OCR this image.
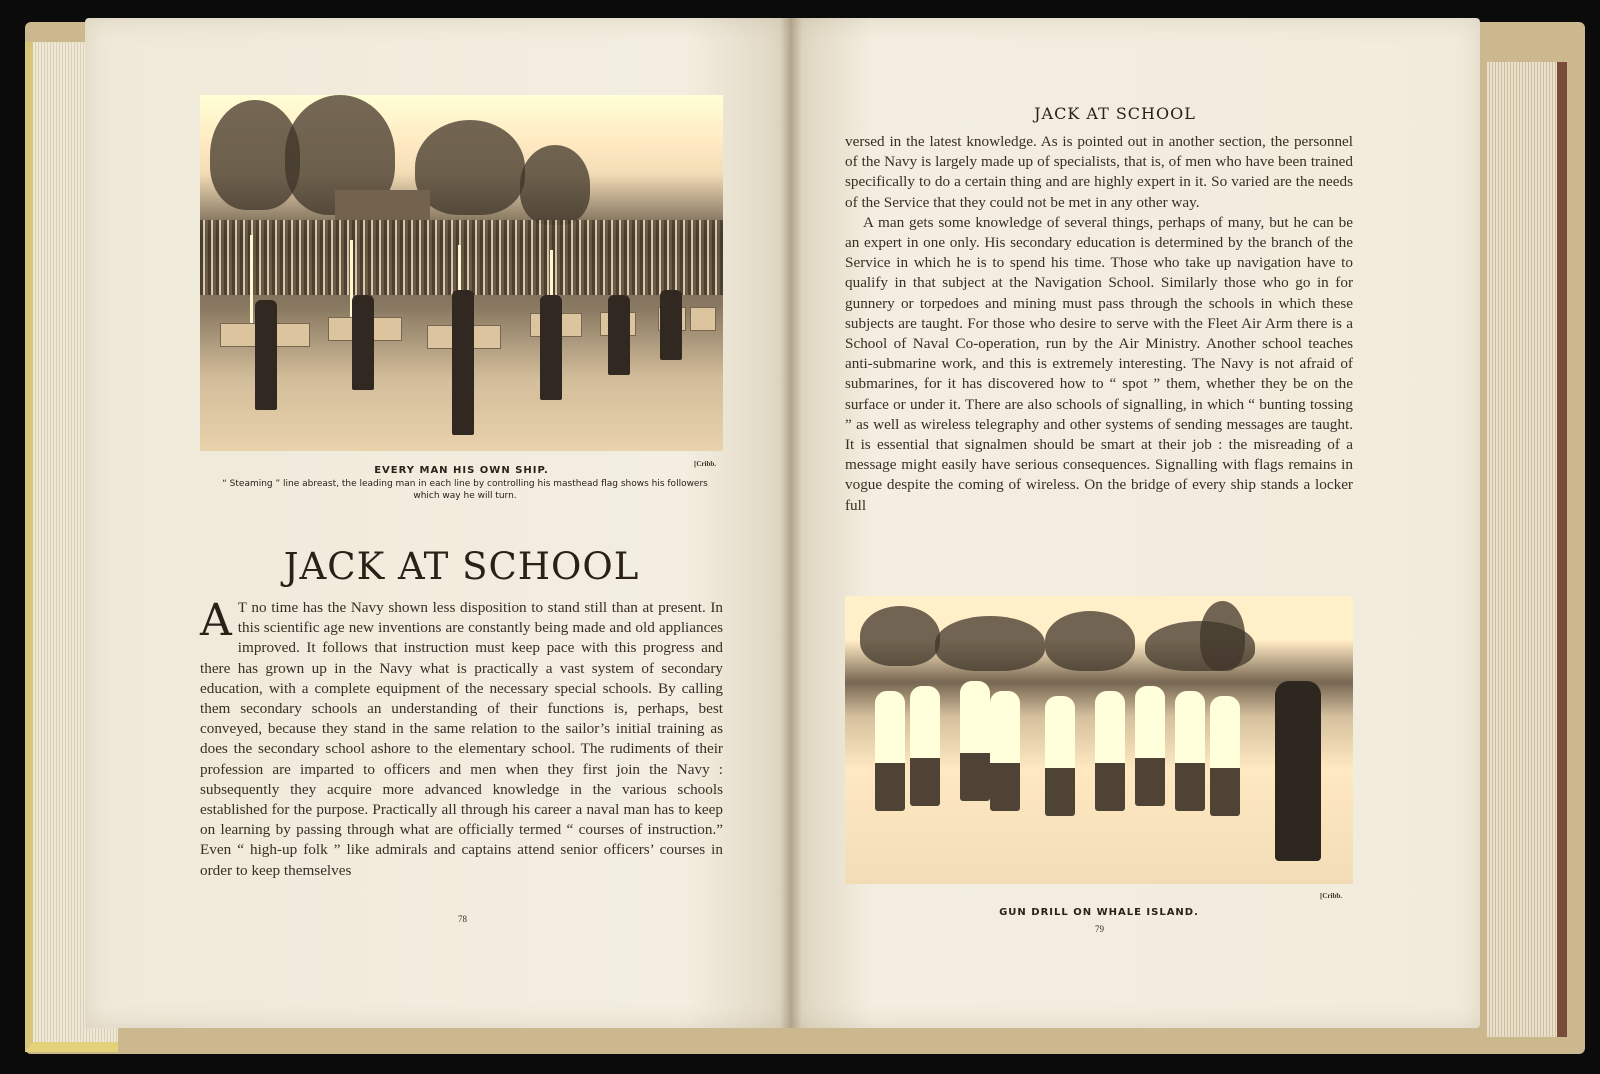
[Cribb.
EVERY MAN HIS OWN SHIP.
“ Steaming ” line abreast, the leading man in each line by controlling his masthead flag shows his followers which way he will turn.
JACK AT SCHOOL

A T no time has the Navy shown less disposition to stand still than at present. In this scientific age new inventions are constantly being made and old appliances improved. It follows that instruction must keep pace with this progress and there has grown up in the Navy what is practically a vast system of secondary education, with a complete equipment of the necessary special schools. By calling them secondary schools an understanding of their functions is, perhaps, best conveyed, because they stand in the same relation to the sailor’s initial training as does the secondary school ashore to the elementary school. The rudiments of their profession are imparted to officers and men when they first join the Navy : subsequently they acquire more advanced knowledge in the various schools established for the purpose. Practically all through his career a naval man has to keep on learning by passing through what are officially termed “ courses of instruction.” Even “ high-up folk ” like admirals and captains attend senior officers’ courses in order to keep themselves

78
JACK AT SCHOOL

versed in the latest knowledge. As is pointed out in another section, the personnel of the Navy is largely made up of specialists, that is, of men who have been trained specifically to do a certain thing and are highly expert in it. So varied are the needs of the Service that they could not be met in any other way.

A man gets some knowledge of several things, perhaps of many, but he can be an expert in one only. His secondary education is determined by the branch of the Service in which he is to spend his time. Those who take up navigation have to qualify in that subject at the Navigation School. Similarly those who go in for gunnery or torpedoes and mining must pass through the schools in which these subjects are taught. For those who desire to serve with the Fleet Air Arm there is a School of Naval Co-operation, run by the Air Ministry. Another school teaches anti-submarine work, and this is extremely interesting. The Navy is not afraid of submarines, for it has discovered how to “ spot ” them, whether they be on the surface or under it. There are also schools of signalling, in which “ bunting tossing ” as well as wireless telegraphy and other systems of sending messages are taught. It is essential that signalmen should be smart at their job : the misreading of a message might easily have serious consequences. Signalling with flags remains in vogue despite the coming of wireless. On the bridge of every ship stands a locker full

[Cribb.
GUN DRILL ON WHALE ISLAND.
79
